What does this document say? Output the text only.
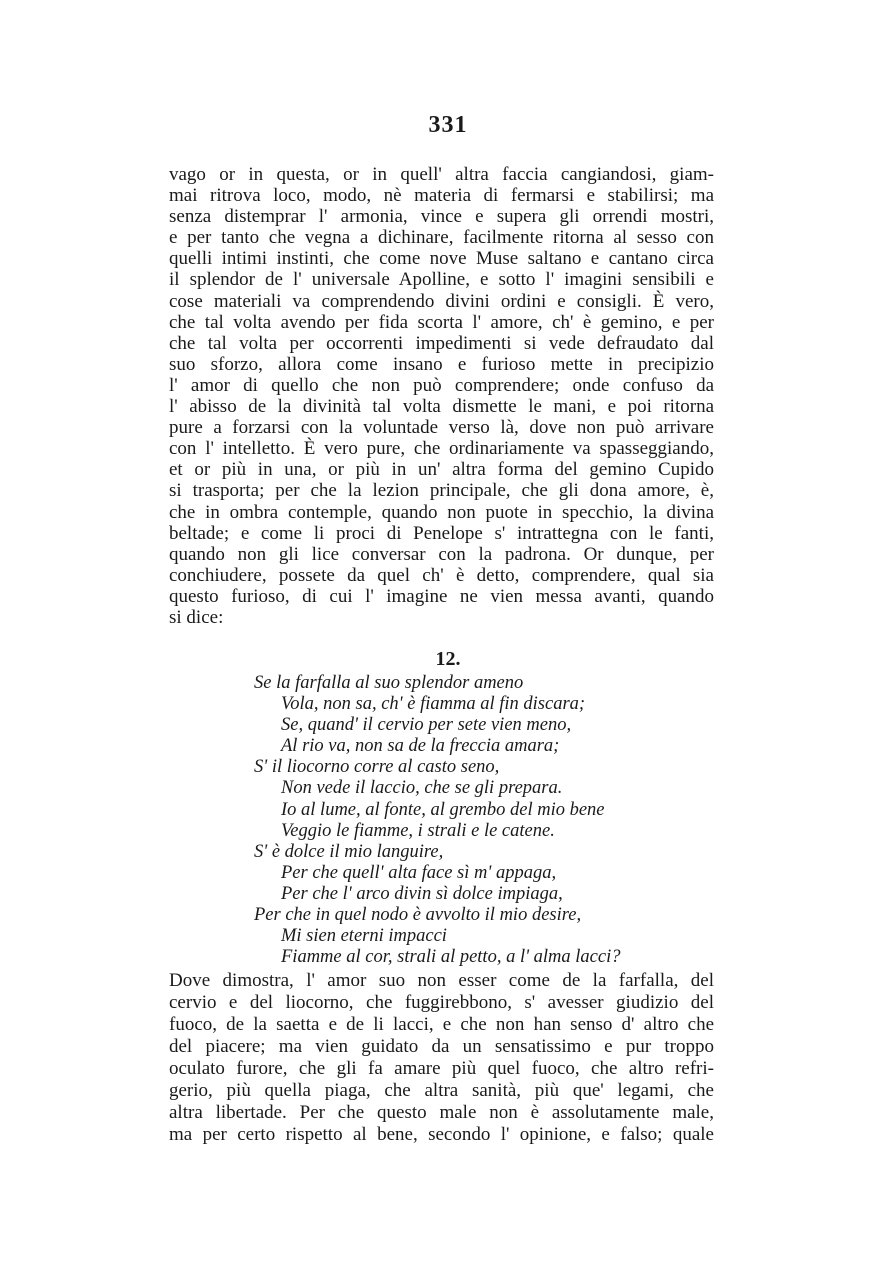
331
vago or in questa, or in quell' altra faccia cangiandosi, giam-
mai ritrova loco, modo, nè materia di fermarsi e stabilirsi; ma
senza distemprar l' armonia, vince e supera gli orrendi mostri,
e per tanto che vegna a dichinare, facilmente ritorna al sesso con
quelli intimi instinti, che come nove Muse saltano e cantano circa
il splendor de l' universale Apolline, e sotto l' imagini sensibili e
cose materiali va comprendendo divini ordini e consigli. È vero,
che tal volta avendo per fida scorta l' amore, ch' è gemino, e per
che tal volta per occorrenti impedimenti si vede defraudato dal
suo sforzo, allora come insano e furioso mette in precipizio
l' amor di quello che non può comprendere; onde confuso da
l' abisso de la divinità tal volta dismette le mani, e poi ritorna
pure a forzarsi con la voluntade verso là, dove non può arrivare
con l' intelletto. È vero pure, che ordinariamente va spasseggiando,
et or più in una, or più in un' altra forma del gemino Cupido
si trasporta; per che la lezion principale, che gli dona amore, è,
che in ombra contemple, quando non puote in specchio, la divina
beltade; e come li proci di Penelope s' intrattegna con le fanti,
quando non gli lice conversar con la padrona. Or dunque, per
conchiudere, possete da quel ch' è detto, comprendere, qual sia
questo furioso, di cui l' imagine ne vien messa avanti, quando
si dice:
12.
Se la farfalla al suo splendor ameno
Vola, non sa, ch' è fiamma al fin discara;
Se, quand' il cervio per sete vien meno,
Al rio va, non sa de la freccia amara;
S' il liocorno corre al casto seno,
Non vede il laccio, che se gli prepara.
Io al lume, al fonte, al grembo del mio bene
Veggio le fiamme, i strali e le catene.
S' è dolce il mio languire,
Per che quell' alta face sì m' appaga,
Per che l' arco divin sì dolce impiaga,
Per che in quel nodo è avvolto il mio desire,
Mi sien eterni impacci
Fiamme al cor, strali al petto, a l' alma lacci?
Dove dimostra, l' amor suo non esser come de la farfalla, del
cervio e del liocorno, che fuggirebbono, s' avesser giudizio del
fuoco, de la saetta e de li lacci, e che non han senso d' altro che
del piacere; ma vien guidato da un sensatissimo e pur troppo
oculato furore, che gli fa amare più quel fuoco, che altro refri-
gerio, più quella piaga, che altra sanità, più que' legami, che
altra libertade. Per che questo male non è assolutamente male,
ma per certo rispetto al bene, secondo l' opinione, e falso; quale
